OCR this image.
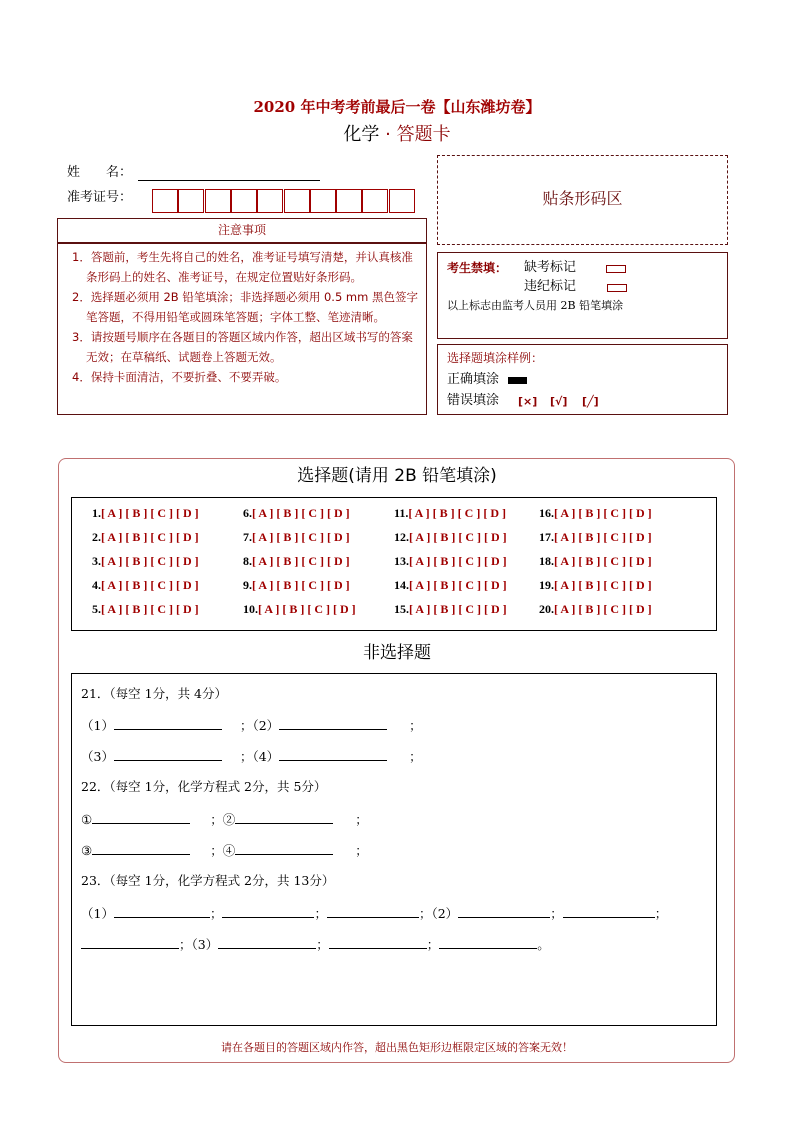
2020 年中考考前最后一卷【山东潍坊卷】
化学 · 答题卡
姓　　名：
准考证号：
注意事项
1．答题前，考生先将自己的姓名，准考证号填写清楚，并认真核准条形码上的姓名、准考证号，在规定位置贴好条形码。
2．选择题必须用 2B 铅笔填涂；非选择题必须用 0.5 mm 黑色签字笔答题，不得用铅笔或圆珠笔答题；字体工整、笔迹清晰。
3．请按题号顺序在各题目的答题区域内作答，超出区域书写的答案无效；在草稿纸、试题卷上答题无效。
4．保持卡面清洁，不要折叠、不要弄破。
贴条形码区
考生禁填： 缺考标记
违纪标记
以上标志由监考人员用 2B 铅笔填涂
选择题填涂样例：
正确填涂
错误填涂 [×] [√] [╱]
选择题(请用 2B 铅笔填涂)
非选择题
21．（每空 1分，共 4分）
（1）	；（2）	；
（3）	；（4）	；
22．（每空 1分，化学方程式 2分，共 5分）
①	；②	；
③	；④	；
23．（每空 1分，化学方程式 2分，共 13分）
（1）	；	；	；（2）	；	；
；（3）	；	；	。
请在各题目的答题区域内作答，超出黑色矩形边框限定区域的答案无效！
1.[ A ] [ B ] [ C ] [ D ]
2.[ A ] [ B ] [ C ] [ D ]
3.[ A ] [ B ] [ C ] [ D ]
4.[ A ] [ B ] [ C ] [ D ]
5.[ A ] [ B ] [ C ] [ D ]
6.[ A ] [ B ] [ C ] [ D ]
7.[ A ] [ B ] [ C ] [ D ]
8.[ A ] [ B ] [ C ] [ D ]
9.[ A ] [ B ] [ C ] [ D ]
10.[ A ] [ B ] [ C ] [ D ]
11.[ A ] [ B ] [ C ] [ D ]
12.[ A ] [ B ] [ C ] [ D ]
13.[ A ] [ B ] [ C ] [ D ]
14.[ A ] [ B ] [ C ] [ D ]
15.[ A ] [ B ] [ C ] [ D ]
16.[ A ] [ B ] [ C ] [ D ]
17.[ A ] [ B ] [ C ] [ D ]
18.[ A ] [ B ] [ C ] [ D ]
19.[ A ] [ B ] [ C ] [ D ]
20.[ A ] [ B ] [ C ] [ D ]
